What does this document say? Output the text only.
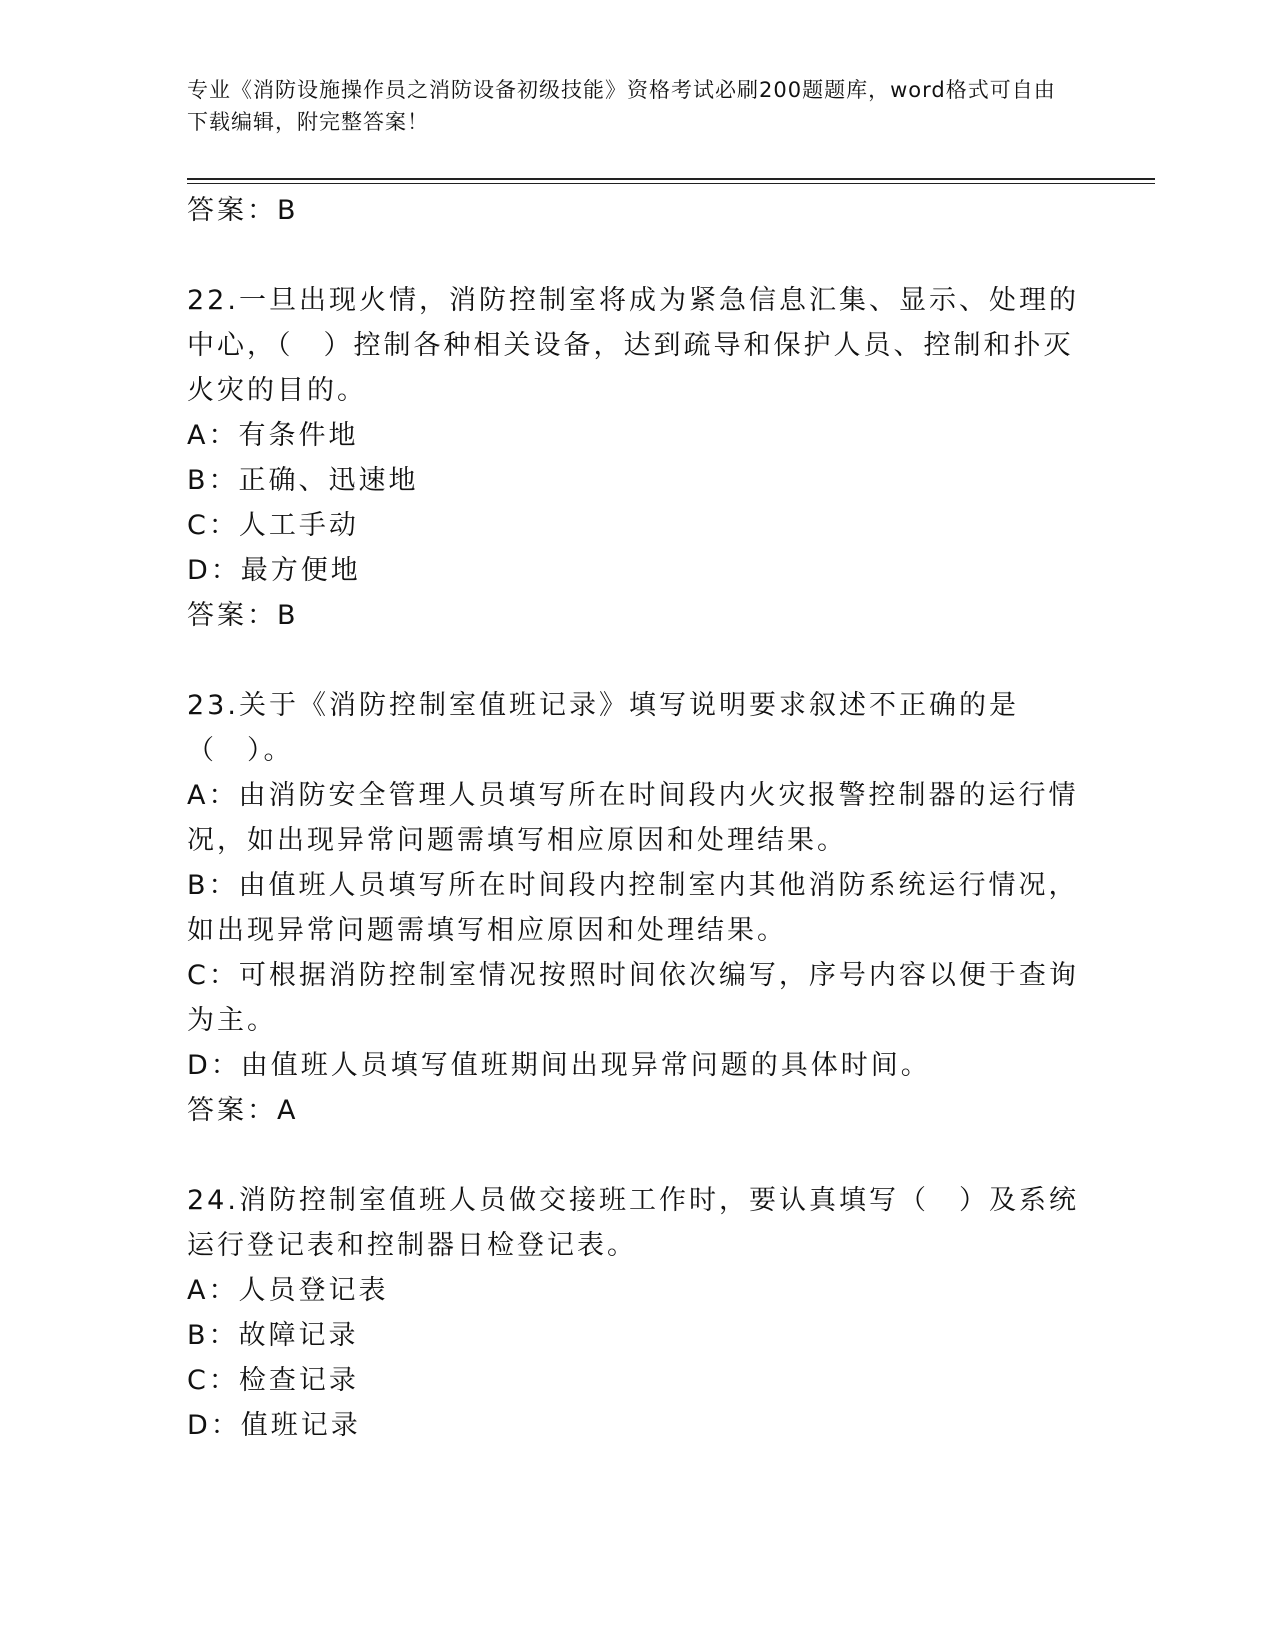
专业《消防设施操作员之消防设备初级技能》资格考试必刷200题题库，word格式可自由下载编辑，附完整答案！
答案：B
22.一旦出现火情，消防控制室将成为紧急信息汇集、显示、处理的中心，（　）控制各种相关设备，达到疏导和保护人员、控制和扑灭火灾的目的。
A：有条件地
B：正确、迅速地
C：人工手动
D：最方便地
答案：B
23.关于《消防控制室值班记录》填写说明要求叙述不正确的是（　）。
A：由消防安全管理人员填写所在时间段内火灾报警控制器的运行情况，如出现异常问题需填写相应原因和处理结果。
B：由值班人员填写所在时间段内控制室内其他消防系统运行情况，如出现异常问题需填写相应原因和处理结果。
C：可根据消防控制室情况按照时间依次编写，序号内容以便于查询为主。
D：由值班人员填写值班期间出现异常问题的具体时间。
答案：A
24.消防控制室值班人员做交接班工作时，要认真填写（　）及系统运行登记表和控制器日检登记表。
A：人员登记表
B：故障记录
C：检查记录
D：值班记录
